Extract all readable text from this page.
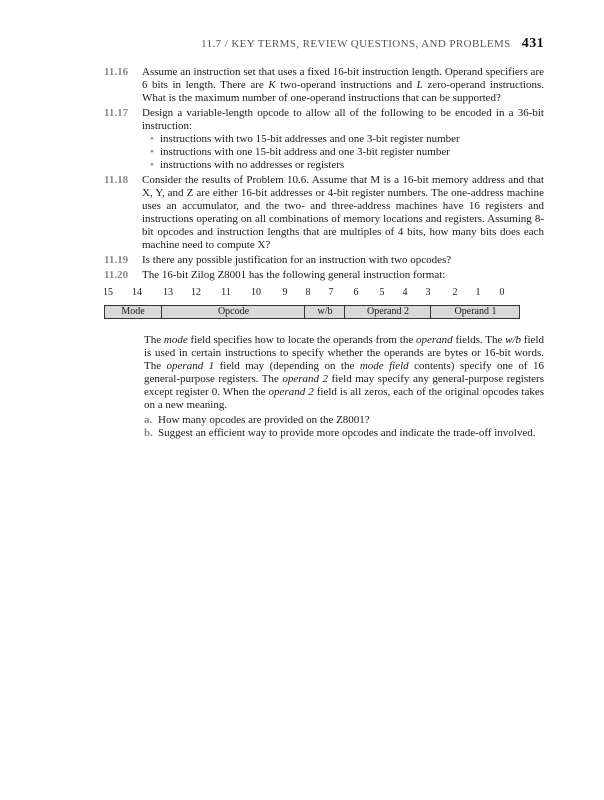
11.7 / KEY TERMS, REVIEW QUESTIONS, AND PROBLEMS 431
11.16 Assume an instruction set that uses a fixed 16-bit instruction length. Operand specifiers are 6 bits in length. There are K two-operand instructions and L zero-operand instructions. What is the maximum number of one-operand instructions that can be supported?
11.17 Design a variable-length opcode to allow all of the following to be encoded in a 36-bit instruction:
• instructions with two 15-bit addresses and one 3-bit register number
• instructions with one 15-bit address and one 3-bit register number
• instructions with no addresses or registers
11.18 Consider the results of Problem 10.6. Assume that M is a 16-bit memory address and that X, Y, and Z are either 16-bit addresses or 4-bit register numbers. The one-address machine uses an accumulator, and the two- and three-address machines have 16 registers and instructions operating on all combinations of memory locations and registers. Assuming 8-bit opcodes and instruction lengths that are multiples of 4 bits, how many bits does each machine need to compute X?
11.19 Is there any possible justification for an instruction with two opcodes?
11.20 The 16-bit Zilog Z8001 has the following general instruction format:
15 14 13 12 11 10 9 8 7 6 5 4 3 2 1 0
Mode	Opcode	w/b	Operand 2	Operand 1

The mode field specifies how to locate the operands from the operand fields. The w/b field is used in certain instructions to specify whether the operands are bytes or 16-bit words. The operand 1 field may (depending on the mode field contents) specify one of 16 general-purpose registers. The operand 2 field may specify any general-purpose registers except register 0. When the operand 2 field is all zeros, each of the original opcodes takes on a new meaning.

a. How many opcodes are provided on the Z8001?
b. Suggest an efficient way to provide more opcodes and indicate the trade-off involved.
